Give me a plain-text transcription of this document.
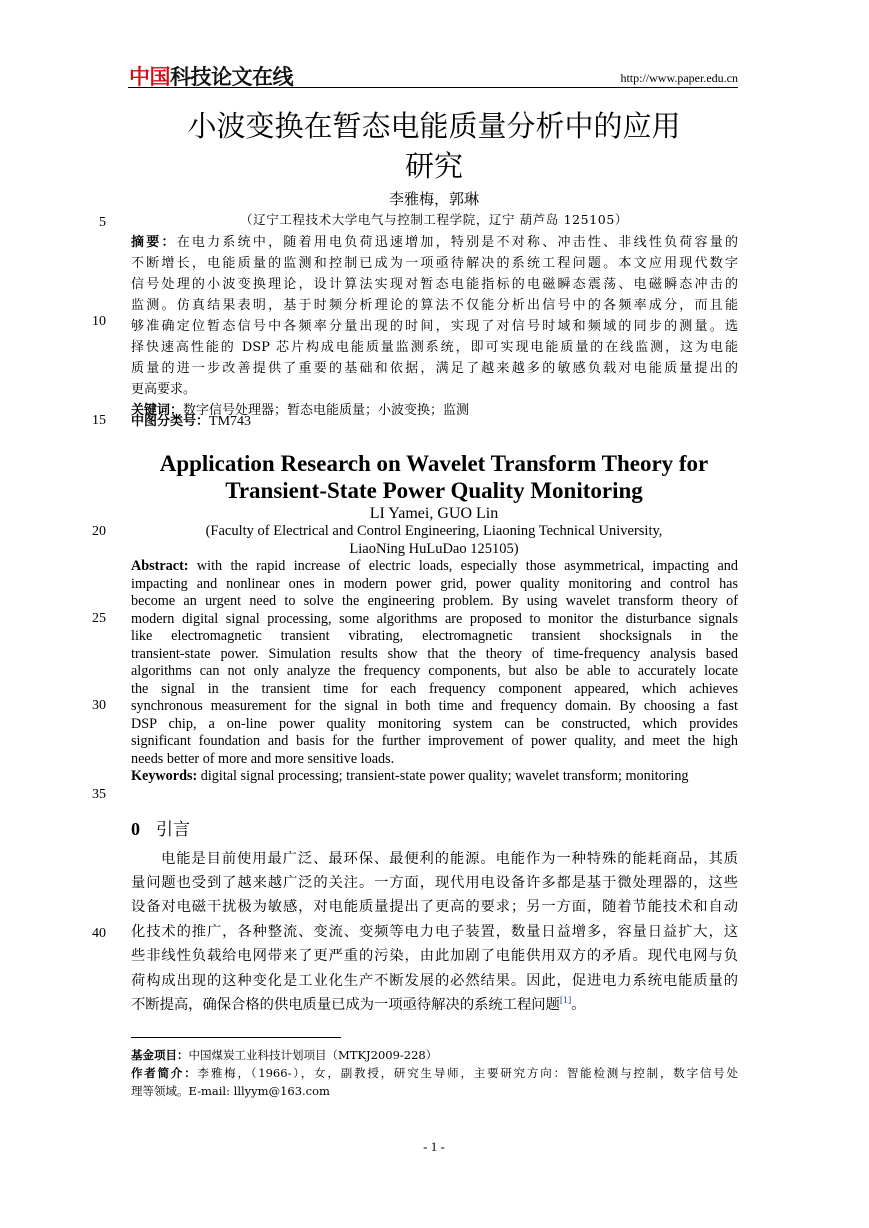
中国科技论文在线	http://www.paper.edu.cn
小波变换在暂态电能质量分析中的应用
研究
李雅梅，郭琳
（辽宁工程技术大学电气与控制工程学院，辽宁 葫芦岛 125105）
5
10
15
20
25
30
35
40
摘要：在电力系统中，随着用电负荷迅速增加，特别是不对称、冲击性、非线性负荷容量的
不断增长，电能质量的监测和控制已成为一项亟待解决的系统工程问题。本文应用现代数字
信号处理的小波变换理论，设计算法实现对暂态电能指标的电磁瞬态震荡、电磁瞬态冲击的
监测。仿真结果表明，基于时频分析理论的算法不仅能分析出信号中的各频率成分，而且能
够准确定位暂态信号中各频率分量出现的时间，实现了对信号时域和频域的同步的测量。选
择快速高性能的 DSP 芯片构成电能质量监测系统，即可实现电能质量的在线监测，这为电能
质量的进一步改善提供了重要的基础和依据，满足了越来越多的敏感负载对电能质量提出的
更高要求。
关键词：数字信号处理器；暂态电能质量；小波变换；监测
中图分类号：TM743
Application Research on Wavelet Transform Theory for
Transient-State Power Quality Monitoring
LI Yamei, GUO Lin
(Faculty of Electrical and Control Engineering, Liaoning Technical University,
LiaoNing HuLuDao 125105)
Abstract: with the rapid increase of electric loads, especially those asymmetrical, impacting and
impacting and nonlinear ones in modern power grid, power quality monitoring and control has
become an urgent need to solve the engineering problem. By using wavelet transform theory of
modern digital signal processing, some algorithms are proposed to monitor the disturbance signals
like electromagnetic transient vibrating, electromagnetic transient shocksignals in the
transient-state power. Simulation results show that the theory of time-frequency analysis based
algorithms can not only analyze the frequency components, but also be able to accurately locate
the signal in the transient time for each frequency component appeared, which achieves
synchronous measurement for the signal in both time and frequency domain. By choosing a fast
DSP chip, a on-line power quality monitoring system can be constructed, which provides
significant foundation and basis for the further improvement of power quality, and meet the high
needs better of more and more sensitive loads.
Keywords: digital signal processing; transient-state power quality; wavelet transform; monitoring
0 引言
电能是目前使用最广泛、最环保、最便利的能源。电能作为一种特殊的能耗商品，其质
量问题也受到了越来越广泛的关注。一方面，现代用电设备许多都是基于微处理器的，这些
设备对电磁干扰极为敏感，对电能质量提出了更高的要求；另一方面，随着节能技术和自动
化技术的推广，各种整流、变流、变频等电力电子装置，数量日益增多，容量日益扩大，这
些非线性负载给电网带来了更严重的污染，由此加剧了电能供用双方的矛盾。现代电网与负
荷构成出现的这种变化是工业化生产不断发展的必然结果。因此，促进电力系统电能质量的
不断提高，确保合格的供电质量已成为一项亟待解决的系统工程问题[1]。
基金项目：中国煤炭工业科技计划项目（MTKJ2009-228）
作者简介：李雅梅，（1966-），女，副教授，研究生导师，主要研究方向：智能检测与控制，数字信号处
理等领域。E-mail: lllyym@163.com
- 1 -
